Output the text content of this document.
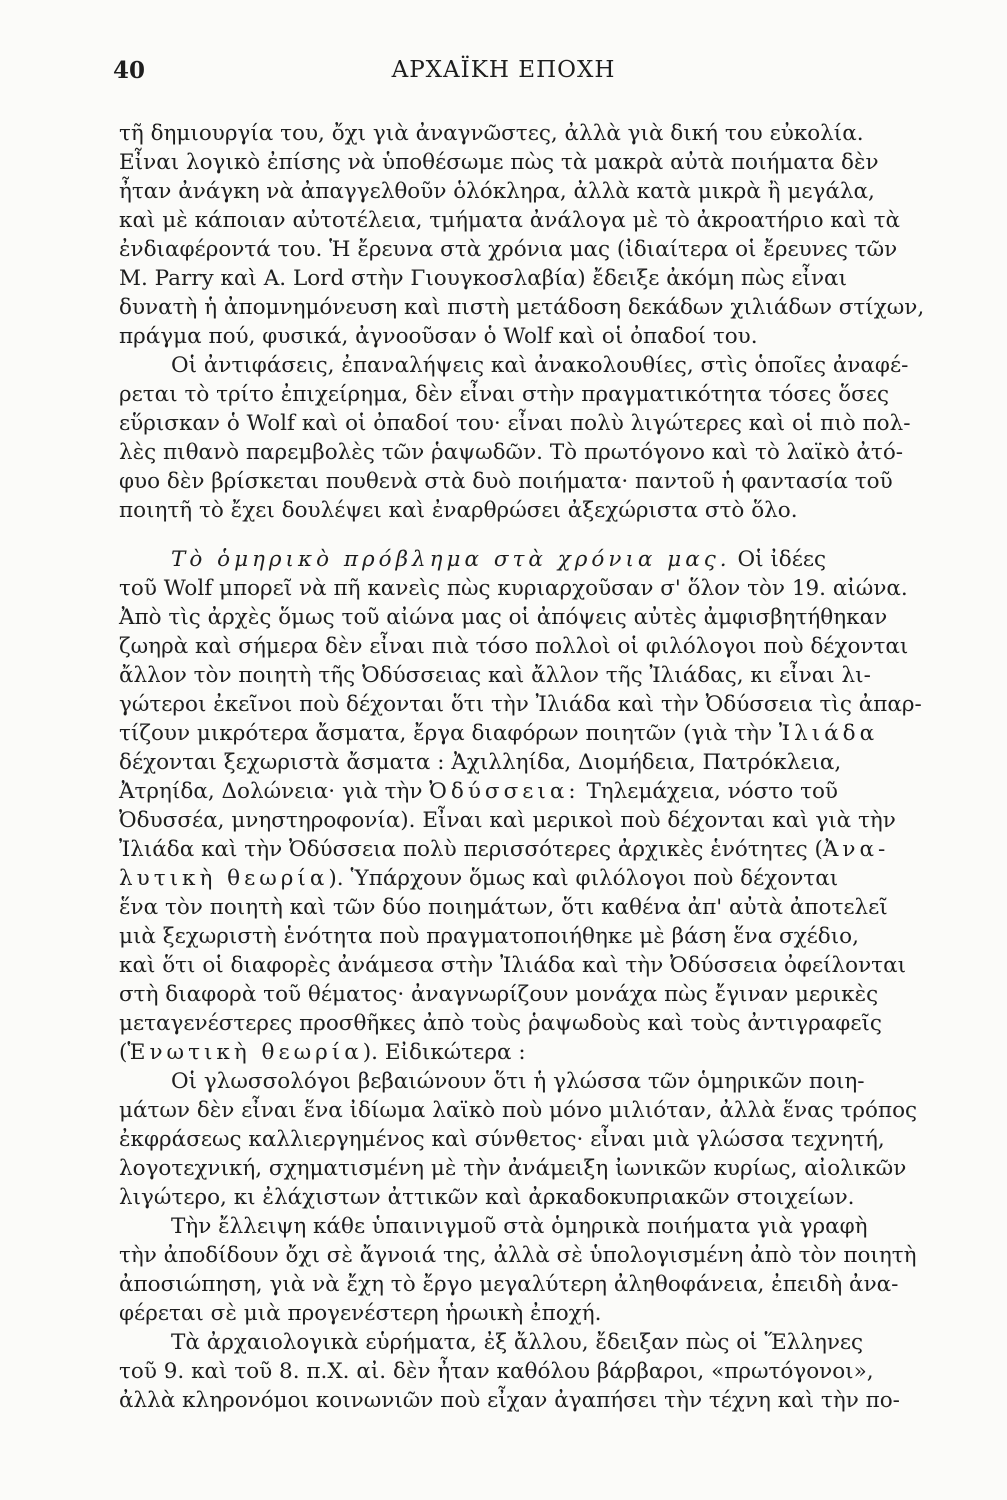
40	ΑΡΧΑΪΚΗ ΕΠΟΧΗ
τῆ δημιουργία του, ὄχι γιὰ ἀναγνῶστες, ἀλλὰ γιὰ δική του εὐκολία.
Εἶναι λογικὸ ἐπίσης νὰ ὑποθέσωμε πὼς τὰ μακρὰ αὐτὰ ποιήματα δὲν
ἦταν ἀνάγκη νὰ ἀπαγγελθοῦν ὁλόκληρα, ἀλλὰ κατὰ μικρὰ ἢ μεγάλα,
καὶ μὲ κάποιαν αὐτοτέλεια, τμήματα ἀνάλογα μὲ τὸ ἀκροατήριο καὶ τὰ
ἐνδιαφέροντά του. Ἡ ἔρευνα στὰ χρόνια μας (ἰδιαίτερα οἱ ἔρευνες τῶν
M. Parry καὶ A. Lord στὴν Γιουγκοσλαβία) ἔδειξε ἀκόμη πὼς εἶναι
δυνατὴ ἡ ἀπομνημόνευση καὶ πιστὴ μετάδοση δεκάδων χιλιάδων στίχων,
πράγμα πού, φυσικά, ἀγνοοῦσαν ὁ Wolf καὶ οἱ ὀπαδοί του.
Οἱ ἀντιφάσεις, ἐπαναλήψεις καὶ ἀνακολουθίες, στὶς ὁποῖες ἀναφέ-
ρεται τὸ τρίτο ἐπιχείρημα, δὲν εἶναι στὴν πραγματικότητα τόσες ὅσες
εὕρισκαν ὁ Wolf καὶ οἱ ὀπαδοί του· εἶναι πολὺ λιγώτερες καὶ οἱ πιὸ πολ-
λὲς πιθανὸ παρεμβολὲς τῶν ῥαψωδῶν. Τὸ πρωτόγονο καὶ τὸ λαϊκὸ ἀτό-
φυο δὲν βρίσκεται πουθενὰ στὰ δυὸ ποιήματα· παντοῦ ἡ φαντασία τοῦ
ποιητῆ τὸ ἔχει δουλέψει καὶ ἐναρθρώσει ἀξεχώριστα στὸ ὅλο.
Τὸ ὁμηρικὸ πρόβλημα στὰ χρόνια μας. Οἱ ἰδέες
τοῦ Wolf μπορεῖ νὰ πῆ κανεὶς πὼς κυριαρχοῦσαν σ' ὅλον τὸν 19. αἰώνα.
Ἀπὸ τὶς ἀρχὲς ὅμως τοῦ αἰώνα μας οἱ ἀπόψεις αὐτὲς ἀμφισβητήθηκαν
ζωηρὰ καὶ σήμερα δὲν εἶναι πιὰ τόσο πολλοὶ οἱ φιλόλογοι ποὺ δέχονται
ἄλλον τὸν ποιητὴ τῆς Ὀδύσσειας καὶ ἄλλον τῆς Ἰλιάδας, κι εἶναι λι-
γώτεροι ἐκεῖνοι ποὺ δέχονται ὅτι τὴν Ἰλιάδα καὶ τὴν Ὀδύσσεια τὶς ἀπαρ-
τίζουν μικρότερα ἄσματα, ἔργα διαφόρων ποιητῶν (γιὰ τὴν Ἰλιάδα
δέχονται ξεχωριστὰ ἄσματα : Ἀχιλληίδα, Διομήδεια, Πατρόκλεια,
Ἀτρηίδα, Δολώνεια· γιὰ τὴν Ὀδύσσεια: Τηλεμάχεια, νόστο τοῦ
Ὀδυσσέα, μνηστηροφονία). Εἶναι καὶ μερικοὶ ποὺ δέχονται καὶ γιὰ τὴν
Ἰλιάδα καὶ τὴν Ὀδύσσεια πολὺ περισσότερες ἀρχικὲς ἑνότητες (Ἀνα-
λυτικὴ θεωρία). Ὑπάρχουν ὅμως καὶ φιλόλογοι ποὺ δέχονται
ἕνα τὸν ποιητὴ καὶ τῶν δύο ποιημάτων, ὅτι καθένα ἀπ' αὐτὰ ἀποτελεῖ
μιὰ ξεχωριστὴ ἑνότητα ποὺ πραγματοποιήθηκε μὲ βάση ἕνα σχέδιο,
καὶ ὅτι οἱ διαφορὲς ἀνάμεσα στὴν Ἰλιάδα καὶ τὴν Ὀδύσσεια ὀφείλονται
στὴ διαφορὰ τοῦ θέματος· ἀναγνωρίζουν μονάχα πὼς ἔγιναν μερικὲς
μεταγενέστερες προσθῆκες ἀπὸ τοὺς ῥαψωδοὺς καὶ τοὺς ἀντιγραφεῖς
(Ἑνωτικὴ θεωρία). Εἰδικώτερα :
Οἱ γλωσσολόγοι βεβαιώνουν ὅτι ἡ γλώσσα τῶν ὁμηρικῶν ποιη-
μάτων δὲν εἶναι ἕνα ἰδίωμα λαϊκὸ ποὺ μόνο μιλιόταν, ἀλλὰ ἕνας τρόπος
ἐκφράσεως καλλιεργημένος καὶ σύνθετος· εἶναι μιὰ γλώσσα τεχνητή,
λογοτεχνική, σχηματισμένη μὲ τὴν ἀνάμειξη ἰωνικῶν κυρίως, αἰολικῶν
λιγώτερο, κι ἐλάχιστων ἀττικῶν καὶ ἀρκαδοκυπριακῶν στοιχείων.
Τὴν ἔλλειψη κάθε ὑπαινιγμοῦ στὰ ὁμηρικὰ ποιήματα γιὰ γραφὴ
τὴν ἀποδίδουν ὄχι σὲ ἄγνοιά της, ἀλλὰ σὲ ὑπολογισμένη ἀπὸ τὸν ποιητὴ
ἀποσιώπηση, γιὰ νὰ ἔχη τὸ ἔργο μεγαλύτερη ἀληθοφάνεια, ἐπειδὴ ἀνα-
φέρεται σὲ μιὰ προγενέστερη ἡρωικὴ ἐποχή.
Τὰ ἀρχαιολογικὰ εὑρήματα, ἐξ ἄλλου, ἔδειξαν πὼς οἱ Ἕλληνες
τοῦ 9. καὶ τοῦ 8. π.Χ. αἰ. δὲν ἦταν καθόλου βάρβαροι, «πρωτόγονοι»,
ἀλλὰ κληρονόμοι κοινωνιῶν ποὺ εἶχαν ἀγαπήσει τὴν τέχνη καὶ τὴν πο-
